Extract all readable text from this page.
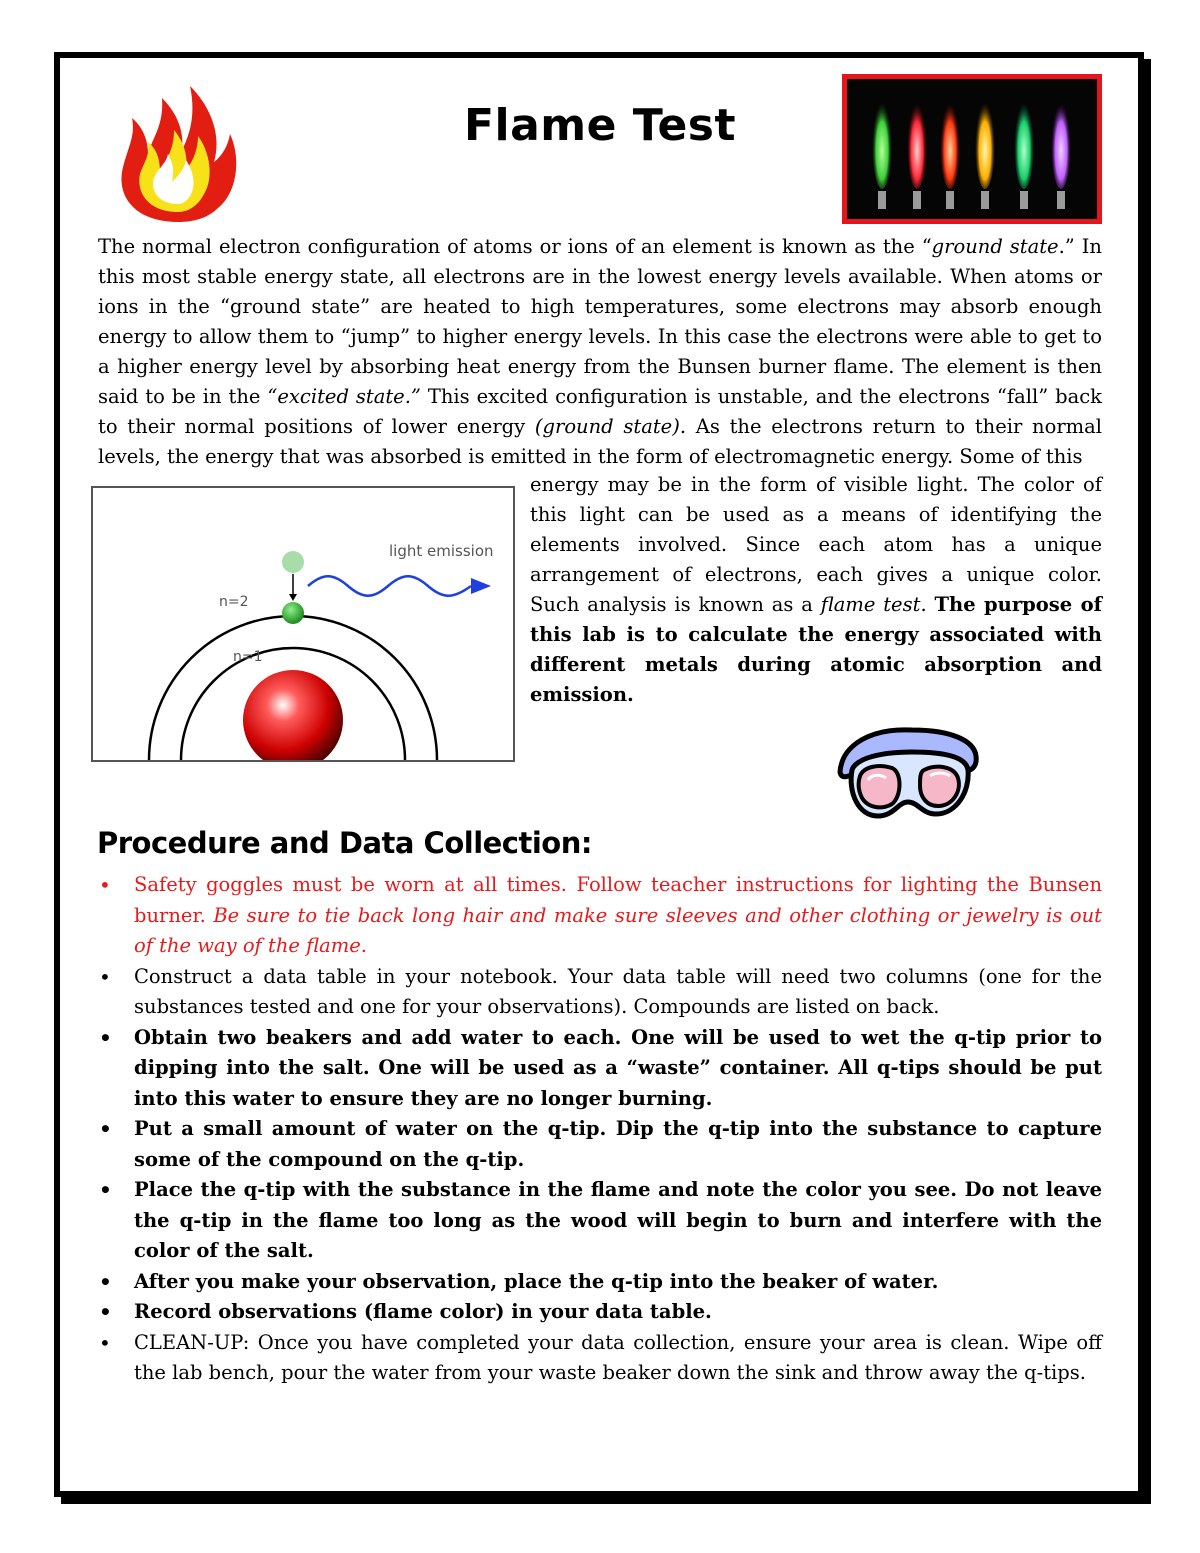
Flame Test
The normal electron configuration of atoms or ions of an element is known as the “ground state.” In this most stable energy state, all electrons are in the lowest energy levels available. When atoms or ions in the “ground state” are heated to high temperatures, some electrons may absorb enough energy to allow them to “jump” to higher energy levels. In this case the electrons were able to get to a higher energy level by absorbing heat energy from the Bunsen burner flame. The element is then said to be in the “excited state.” This excited configuration is unstable, and the electrons “fall” back to their normal positions of lower energy (ground state). As the electrons return to their normal levels, the energy that was absorbed is emitted in the form of electromagnetic energy. Some of this
light emission
n=2
n=1
energy may be in the form of visible light. The color of this light can be used as a means of identifying the elements involved. Since each atom has a unique arrangement of electrons, each gives a unique color. Such analysis is known as a flame test. The purpose of this lab is to calculate the energy associated with different metals during atomic absorption and emission.
Procedure and Data Collection:
• Safety goggles must be worn at all times. Follow teacher instructions for lighting the Bunsen burner. Be sure to tie back long hair and make sure sleeves and other clothing or jewelry is out of the way of the flame.
• Construct a data table in your notebook. Your data table will need two columns (one for the substances tested and one for your observations). Compounds are listed on back.
• Obtain two beakers and add water to each. One will be used to wet the q-tip prior to dipping into the salt. One will be used as a “waste” container. All q-tips should be put into this water to ensure they are no longer burning.
• Put a small amount of water on the q-tip. Dip the q-tip into the substance to capture some of the compound on the q-tip.
• Place the q-tip with the substance in the flame and note the color you see. Do not leave the q-tip in the flame too long as the wood will begin to burn and interfere with the color of the salt.
• After you make your observation, place the q-tip into the beaker of water.
• Record observations (flame color) in your data table.
• CLEAN-UP: Once you have completed your data collection, ensure your area is clean. Wipe off the lab bench, pour the water from your waste beaker down the sink and throw away the q-tips.
